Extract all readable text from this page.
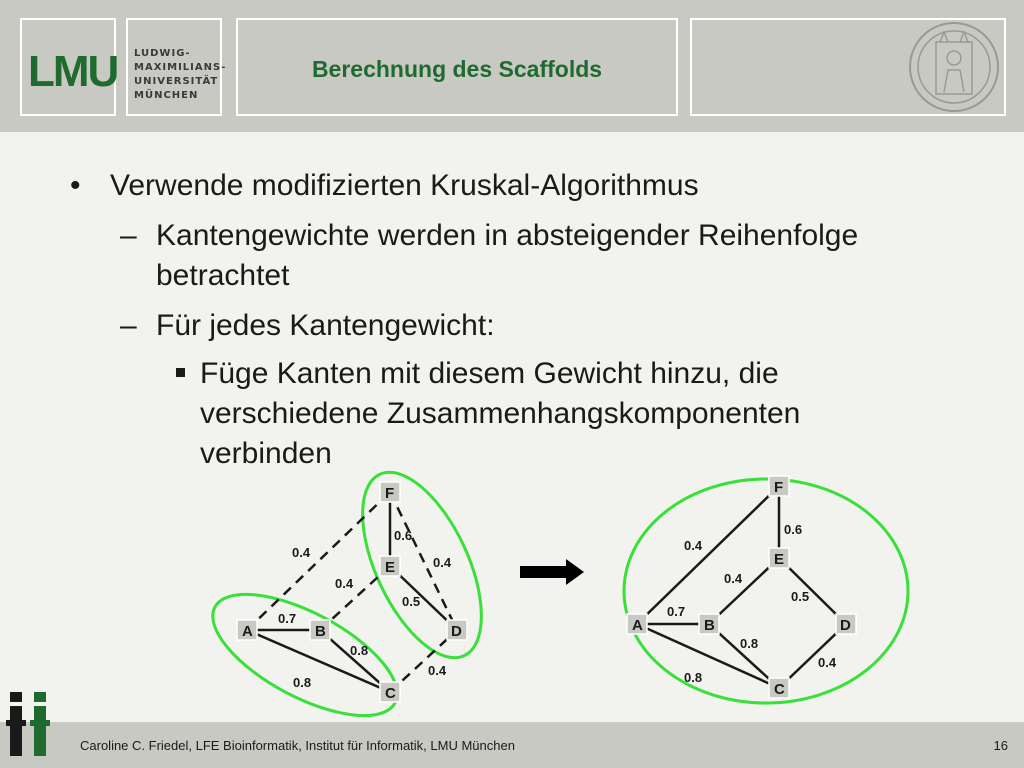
LMU LUDWIG-
MAXIMILIANS-
UNIVERSITÄT
MÜNCHEN
Berechnung des Scaffolds
• Verwende modifizierten Kruskal-Algorithmus
– Kantengewichte werden in absteigender Reihenfolge
betrachtet
– Für jedes Kantengewicht:
Füge Kanten mit diesem Gewicht hinzu, die
verschiedene Zusammenhangskomponenten
verbinden
0.7
0.8
0.8
0.6
0.5
0.4
0.4
0.4
0.4
A	B
C
D
E
F
0.7
0.8
0.8
0.6
0.5
0.4
0.4
0.4
A	B
C
D
E
F
Caroline C. Friedel, LFE Bioinformatik, Institut für Informatik, LMU München	16
